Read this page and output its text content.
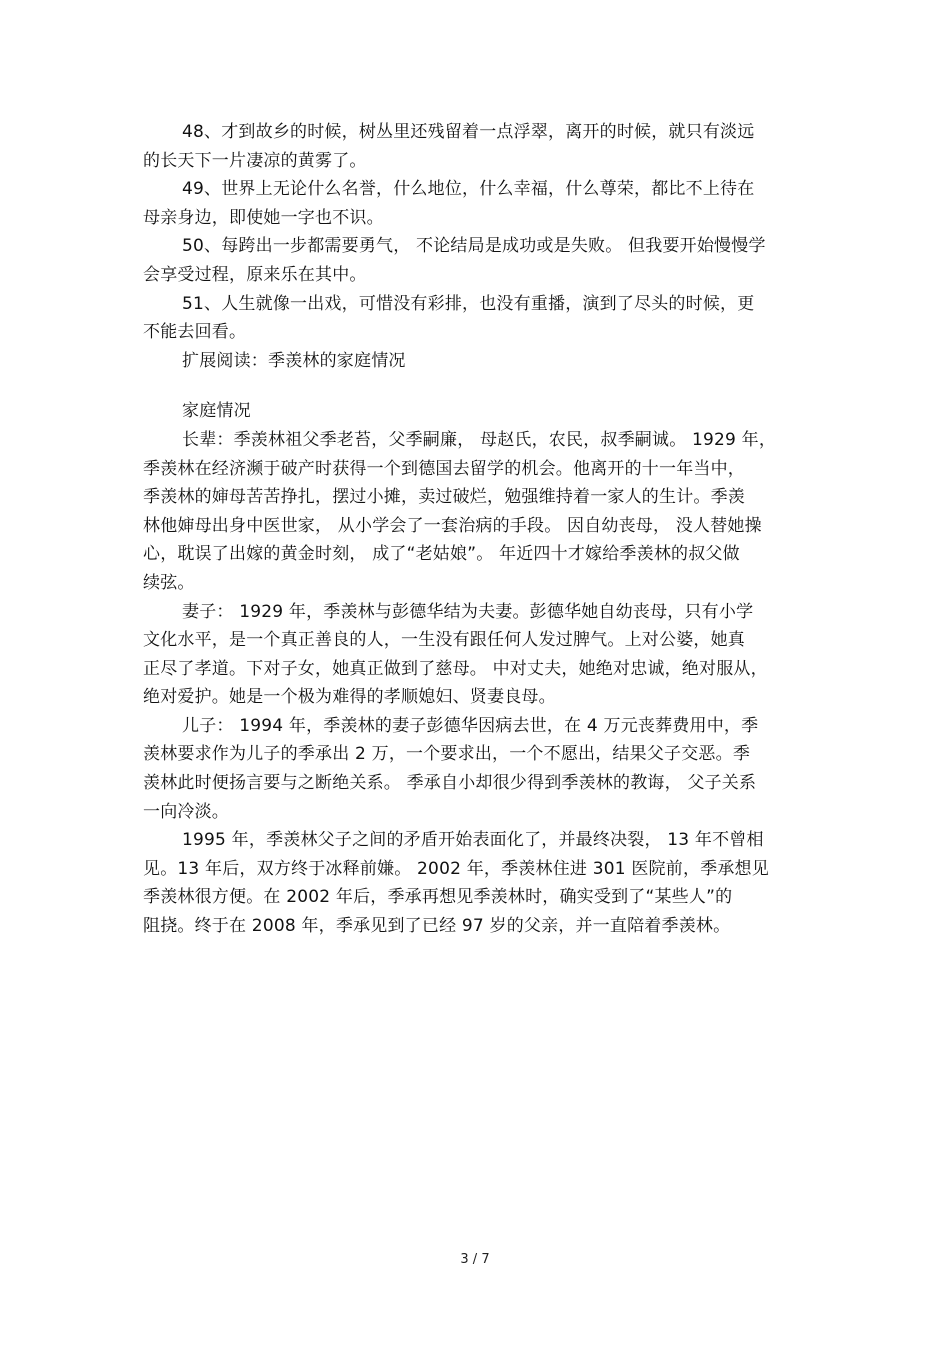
48、才到故乡的时候，树丛里还残留着一点浮翠，离开的时候，就只有淡远
的长天下一片凄凉的黄雾了。
49、世界上无论什么名誉，什么地位，什么幸福，什么尊荣，都比不上待在
母亲身边，即使她一字也不识。
50、每跨出一步都需要勇气， 不论结局是成功或是失败。 但我要开始慢慢学
会享受过程，原来乐在其中。
51、人生就像一出戏，可惜没有彩排，也没有重播，演到了尽头的时候，更
不能去回看。
扩展阅读：季羡林的家庭情况
家庭情况
长辈：季羡林祖父季老苔，父季嗣廉， 母赵氏，农民，叔季嗣诚。 1929 年，
季羡林在经济濒于破产时获得一个到德国去留学的机会。他离开的十一年当中，
季羡林的婶母苦苦挣扎，摆过小摊，卖过破烂，勉强维持着一家人的生计。季羡
林他婶母出身中医世家， 从小学会了一套治病的手段。 因自幼丧母， 没人替她操
心，耽误了出嫁的黄金时刻， 成了“老姑娘”。 年近四十才嫁给季羡林的叔父做
续弦。
妻子： 1929 年，季羡林与彭德华结为夫妻。彭德华她自幼丧母，只有小学
文化水平，是一个真正善良的人，一生没有跟任何人发过脾气。上对公婆，她真
正尽了孝道。下对子女，她真正做到了慈母。 中对丈夫，她绝对忠诚，绝对服从，
绝对爱护。她是一个极为难得的孝顺媳妇、贤妻良母。
儿子： 1994 年，季羡林的妻子彭德华因病去世，在 4 万元丧葬费用中，季
羡林要求作为儿子的季承出 2 万，一个要求出，一个不愿出，结果父子交恶。季
羡林此时便扬言要与之断绝关系。 季承自小却很少得到季羡林的教诲， 父子关系
一向冷淡。
1995 年，季羡林父子之间的矛盾开始表面化了，并最终决裂， 13 年不曾相
见。13 年后，双方终于冰释前嫌。 2002 年，季羡林住进 301 医院前，季承想见
季羡林很方便。在 2002 年后，季承再想见季羡林时，确实受到了“某些人”的
阻挠。终于在 2008 年，季承见到了已经 97 岁的父亲，并一直陪着季羡林。
3 / 7
